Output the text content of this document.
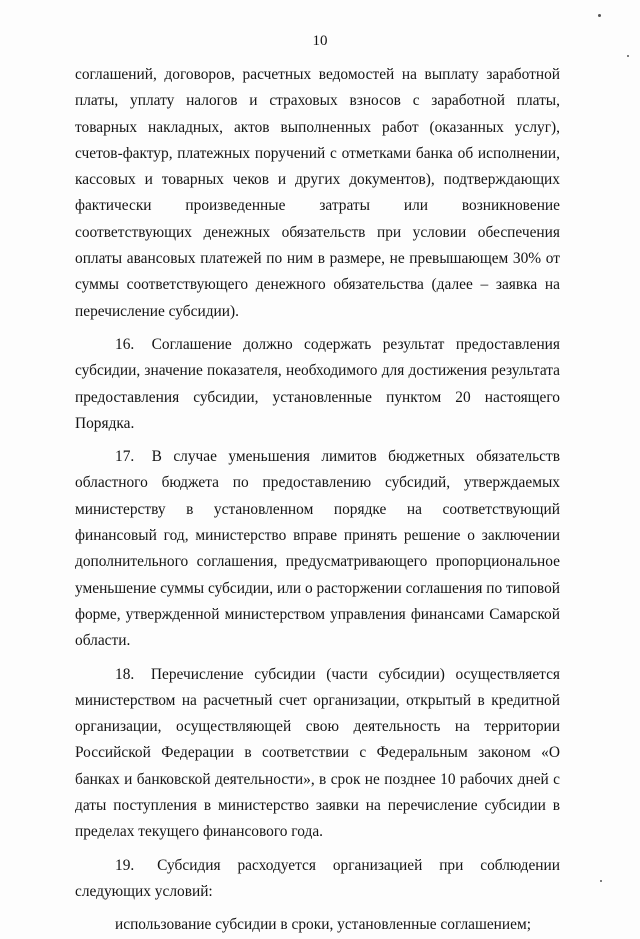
10

соглашений, договоров, расчетных ведомостей на выплату заработной платы, уплату налогов и страховых взносов с заработной платы, товарных накладных, актов выполненных работ (оказанных услуг), счетов-фактур, платежных поручений с отметками банка об исполнении, кассовых и товарных чеков и других документов), подтверждающих фактически произведенные затраты или возникновение соответствующих денежных обязательств при условии обеспечения оплаты авансовых платежей по ним в размере, не превышающем 30% от суммы соответствующего денежного обязательства (далее – заявка на перечисление субсидии).

16. Соглашение должно содержать результат предоставления субсидии, значение показателя, необходимого для достижения результата предоставления субсидии, установленные пунктом 20 настоящего Порядка.

17. В случае уменьшения лимитов бюджетных обязательств областного бюджета по предоставлению субсидий, утверждаемых министерству в установленном порядке на соответствующий финансовый год, министерство вправе принять решение о заключении дополнительного соглашения, предусматривающего пропорциональное уменьшение суммы субсидии, или о расторжении соглашения по типовой форме, утвержденной министерством управления финансами Самарской области.

18. Перечисление субсидии (части субсидии) осуществляется министерством на расчетный счет организации, открытый в кредитной организации, осуществляющей свою деятельность на территории Российской Федерации в соответствии с Федеральным законом «О банках и банковской деятельности», в срок не позднее 10 рабочих дней с даты поступления в министерство заявки на перечисление субсидии в пределах текущего финансового года.

19. Субсидия расходуется организацией при соблюдении следующих условий:

использование субсидии в сроки, установленные соглашением;
